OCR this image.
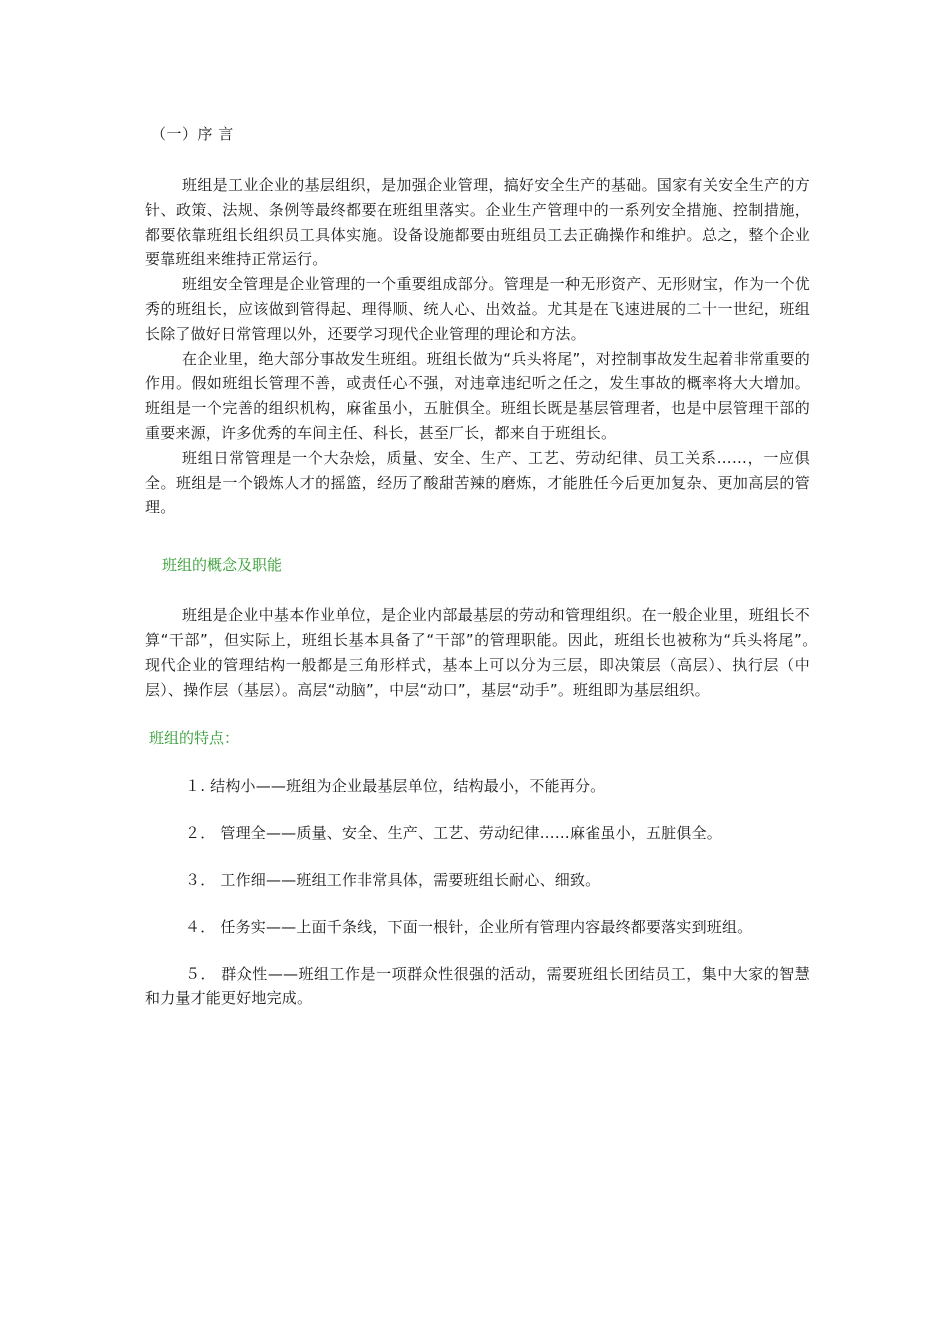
（一）序 言

班组是工业企业的基层组织，是加强企业管理，搞好安全生产的基础。国家有关安全生产的方针、政策、法规、条例等最终都要在班组里落实。企业生产管理中的一系列安全措施、控制措施，都要依靠班组长组织员工具体实施。设备设施都要由班组员工去正确操作和维护。总之，整个企业要靠班组来维持正常运行。

班组安全管理是企业管理的一个重要组成部分。管理是一种无形资产、无形财宝，作为一个优秀的班组长，应该做到管得起、理得顺、统人心、出效益。尤其是在飞速进展的二十一世纪，班组长除了做好日常管理以外，还要学习现代企业管理的理论和方法。

在企业里，绝大部分事故发生班组。班组长做为“兵头将尾”，对控制事故发生起着非常重要的作用。假如班组长管理不善，或责任心不强，对违章违纪听之任之，发生事故的概率将大大增加。班组是一个完善的组织机构，麻雀虽小，五脏俱全。班组长既是基层管理者，也是中层管理干部的重要来源，许多优秀的车间主任、科长，甚至厂长，都来自于班组长。

班组日常管理是一个大杂烩，质量、安全、生产、工艺、劳动纪律、员工关系……，一应俱全。班组是一个锻炼人才的摇篮，经历了酸甜苦辣的磨炼，才能胜任今后更加复杂、更加高层的管理。

班组的概念及职能

班组是企业中基本作业单位，是企业内部最基层的劳动和管理组织。在一般企业里，班组长不算“干部”，但实际上，班组长基本具备了“干部”的管理职能。因此，班组长也被称为“兵头将尾”。　　现代企业的管理结构一般都是三角形样式，基本上可以分为三层，即决策层（高层）、执行层（中层）、操作层（基层）。高层“动脑”，中层“动口”，基层“动手”。班组即为基层组织。

班组的特点：

１. 结构小——班组为企业最基层单位，结构最小，不能再分。

２． 管理全——质量、安全、生产、工艺、劳动纪律……麻雀虽小，五脏俱全。

３． 工作细——班组工作非常具体，需要班组长耐心、细致。

４． 任务实——上面千条线，下面一根针，企业所有管理内容最终都要落实到班组。

５． 群众性——班组工作是一项群众性很强的活动，需要班组长团结员工，集中大家的智慧和力量才能更好地完成。
